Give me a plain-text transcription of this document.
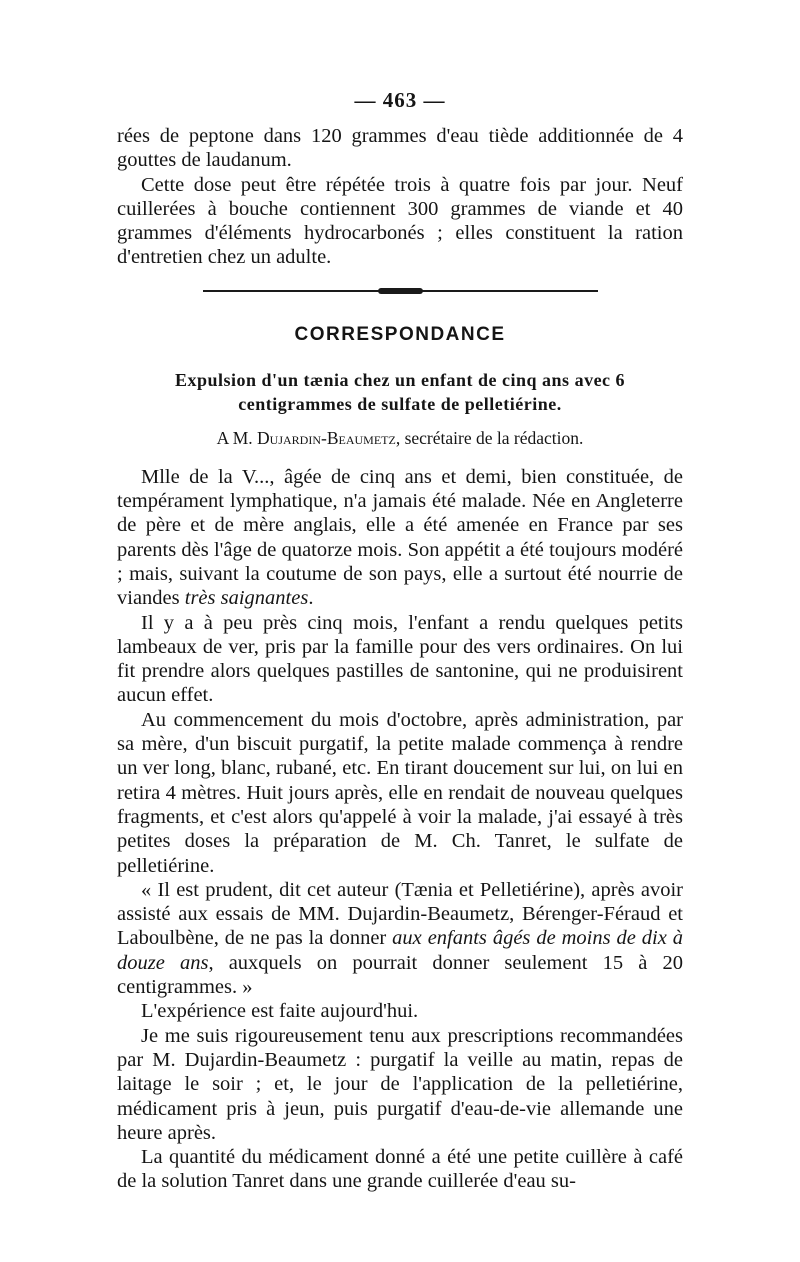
— 463 —

rées de peptone dans 120 grammes d'eau tiède additionnée de 4 gouttes de laudanum.

Cette dose peut être répétée trois à quatre fois par jour. Neuf cuillerées à bouche contiennent 300 grammes de viande et 40 grammes d'éléments hydrocarbonés ; elles constituent la ration d'entretien chez un adulte.

CORRESPONDANCE
Expulsion d'un tænia chez un enfant de cinq ans avec 6 centigrammes de sulfate de pelletiérine.
A M. Dujardin-Beaumetz, secrétaire de la rédaction.

Mlle de la V..., âgée de cinq ans et demi, bien constituée, de tempérament lymphatique, n'a jamais été malade. Née en Angleterre de père et de mère anglais, elle a été amenée en France par ses parents dès l'âge de quatorze mois. Son appétit a été toujours modéré ; mais, suivant la coutume de son pays, elle a surtout été nourrie de viandes très saignantes.

Il y a à peu près cinq mois, l'enfant a rendu quelques petits lambeaux de ver, pris par la famille pour des vers ordinaires. On lui fit prendre alors quelques pastilles de santonine, qui ne produisirent aucun effet.

Au commencement du mois d'octobre, après administration, par sa mère, d'un biscuit purgatif, la petite malade commença à rendre un ver long, blanc, rubané, etc. En tirant doucement sur lui, on lui en retira 4 mètres. Huit jours après, elle en rendait de nouveau quelques fragments, et c'est alors qu'appelé à voir la malade, j'ai essayé à très petites doses la préparation de M. Ch. Tanret, le sulfate de pelletiérine.

« Il est prudent, dit cet auteur (Tænia et Pelletiérine), après avoir assisté aux essais de MM. Dujardin-Beaumetz, Bérenger-Féraud et Laboulbène, de ne pas la donner aux enfants âgés de moins de dix à douze ans, auxquels on pourrait donner seulement 15 à 20 centigrammes. »

L'expérience est faite aujourd'hui.

Je me suis rigoureusement tenu aux prescriptions recommandées par M. Dujardin-Beaumetz : purgatif la veille au matin, repas de laitage le soir ; et, le jour de l'application de la pelletiérine, médicament pris à jeun, puis purgatif d'eau-de-vie allemande une heure après.

La quantité du médicament donné a été une petite cuillère à café de la solution Tanret dans une grande cuillerée d'eau su-
